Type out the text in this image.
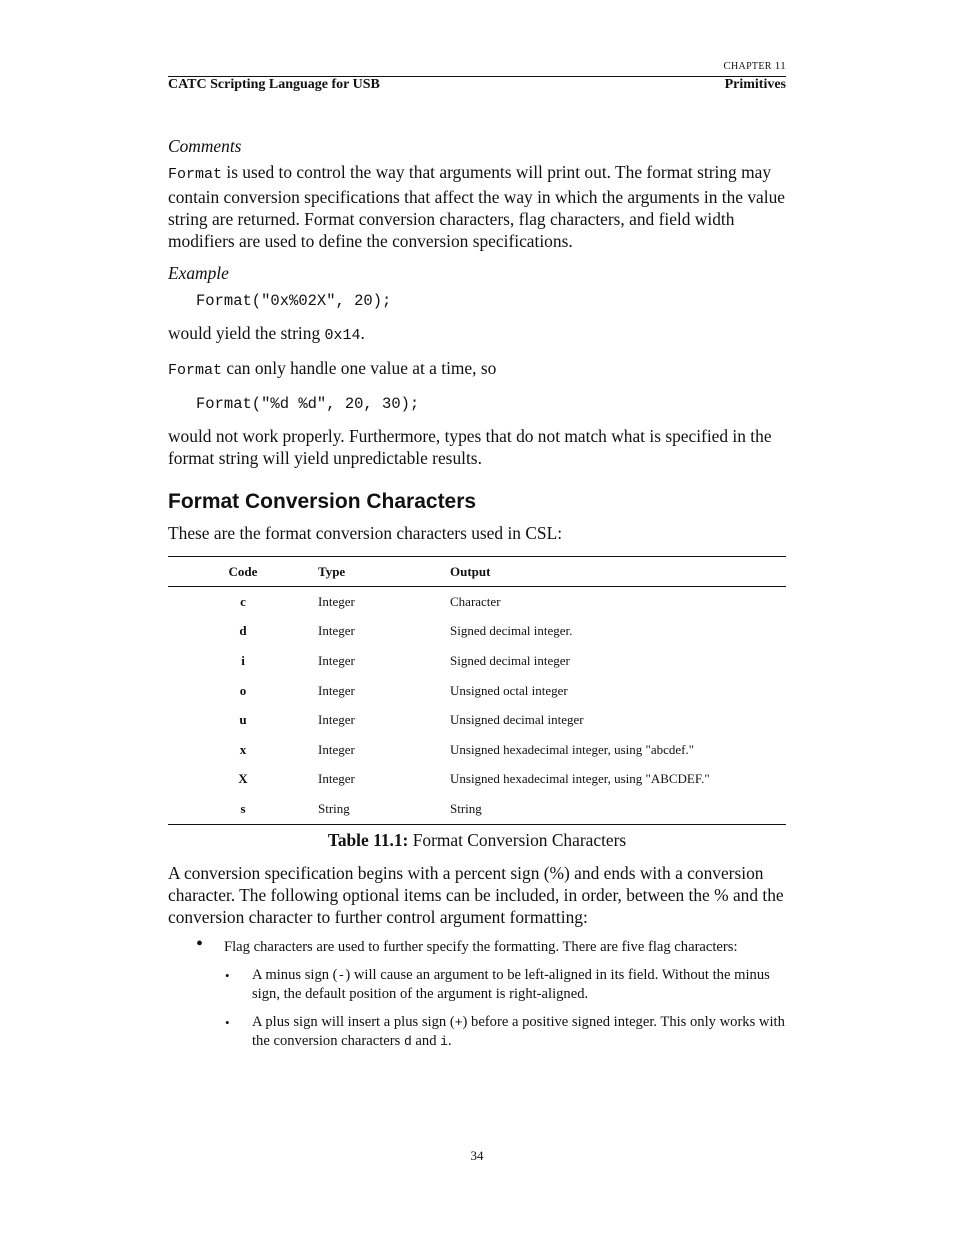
CHAPTER 11
CATC Scripting Language for USB	Primitives

Comments

Format is used to control the way that arguments will print out. The format string may contain conversion specifications that affect the way in which the arguments in the value string are returned. Format conversion characters, flag characters, and field width modifiers are used to define the conversion specifications.

Example

Format("0x%02X", 20);

would yield the string 0x14.

Format can only handle one value at a time, so

Format("%d %d", 20, 30);

would not work properly. Furthermore, types that do not match what is specified in the format string will yield unpredictable results.

Format Conversion Characters

These are the format conversion characters used in CSL:

Code	Type	Output
c	Integer	Character
d	Integer	Signed decimal integer.
i	Integer	Signed decimal integer
o	Integer	Unsigned octal integer
u	Integer	Unsigned decimal integer
x	Integer	Unsigned hexadecimal integer, using "abcdef."
X	Integer	Unsigned hexadecimal integer, using "ABCDEF."
s	String	String

Table 11.1: Format Conversion Characters

A conversion specification begins with a percent sign (%) and ends with a conversion character. The following optional items can be included, in order, between the % and the conversion character to further control argument formatting:

• Flag characters are used to further specify the formatting. There are five flag characters:
• A minus sign (-) will cause an argument to be left-aligned in its field. Without the minus sign, the default position of the argument is right-aligned.
• A plus sign will insert a plus sign (+) before a positive signed integer. This only works with the conversion characters d and i.
34
